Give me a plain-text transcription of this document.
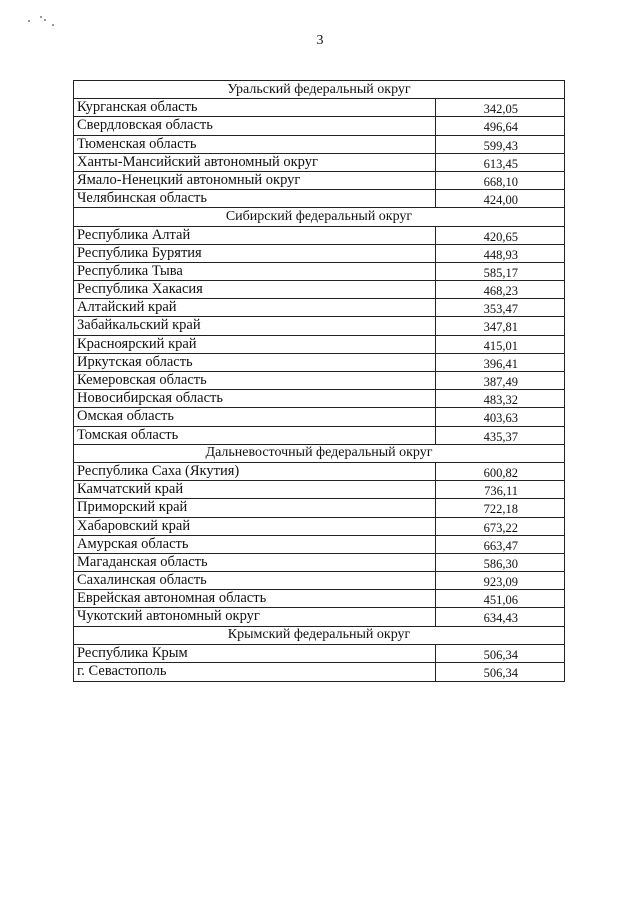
3
Уральский федеральный округ
Курганская область	342,05
Свердловская область	496,64
Тюменская область	599,43
Ханты-Мансийский автономный округ	613,45
Ямало-Ненецкий автономный округ	668,10
Челябинская область	424,00
Сибирский федеральный округ
Республика Алтай	420,65
Республика Бурятия	448,93
Республика Тыва	585,17
Республика Хакасия	468,23
Алтайский край	353,47
Забайкальский край	347,81
Красноярский край	415,01
Иркутская область	396,41
Кемеровская область	387,49
Новосибирская область	483,32
Омская область	403,63
Томская область	435,37
Дальневосточный федеральный округ
Республика Саха (Якутия)	600,82
Камчатский край	736,11
Приморский край	722,18
Хабаровский край	673,22
Амурская область	663,47
Магаданская область	586,30
Сахалинская область	923,09
Еврейская автономная область	451,06
Чукотский автономный округ	634,43
Крымский федеральный округ
Республика Крым	506,34
г. Севастополь	506,34
